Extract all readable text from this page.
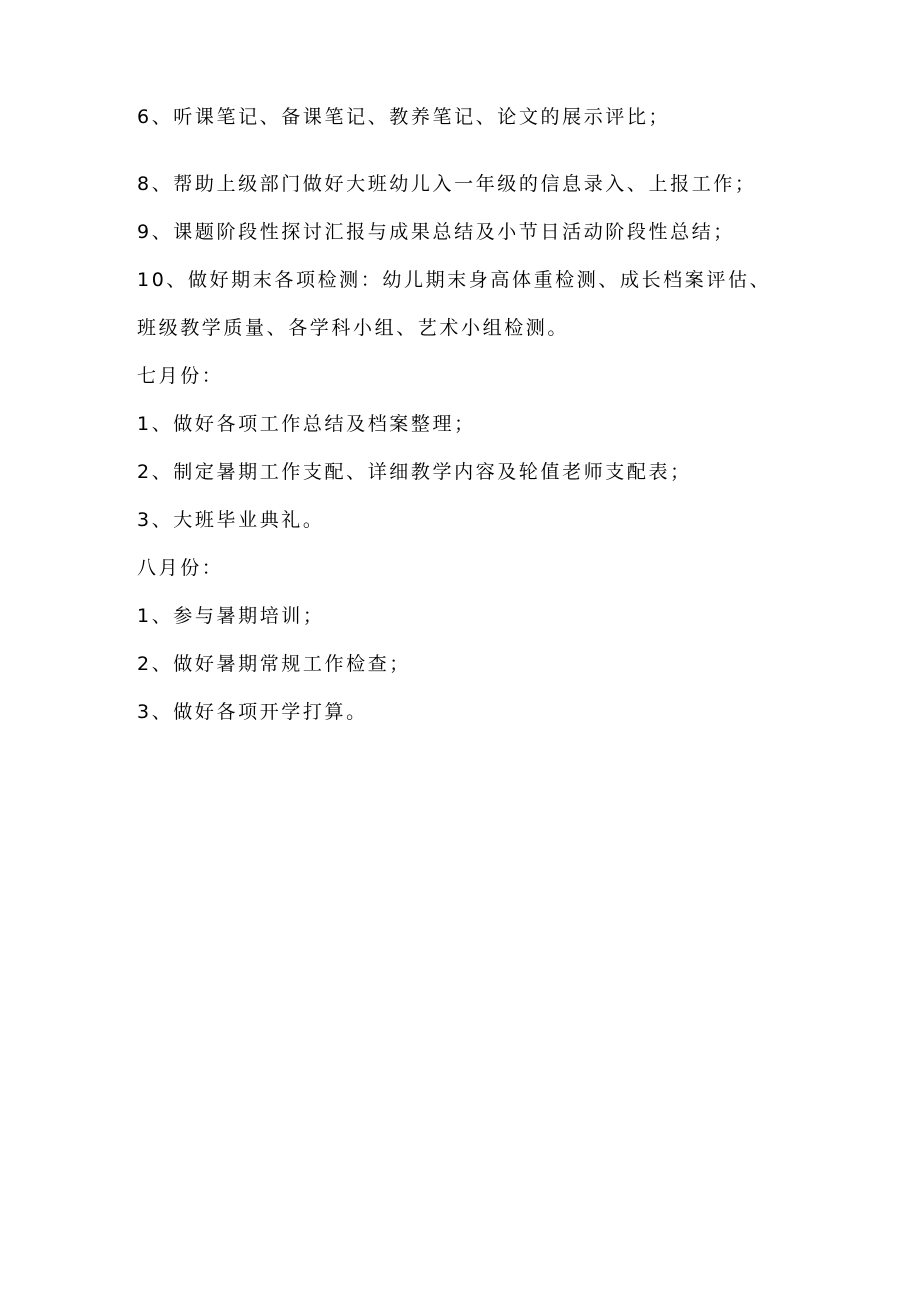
6、听课笔记、备课笔记、教养笔记、论文的展示评比；
8、帮助上级部门做好大班幼儿入一年级的信息录入、上报工作；
9、课题阶段性探讨汇报与成果总结及小节日活动阶段性总结；
10、做好期末各项检测：幼儿期末身高体重检测、成长档案评估、
班级教学质量、各学科小组、艺术小组检测。
七月份：
1、做好各项工作总结及档案整理；
2、制定暑期工作支配、详细教学内容及轮值老师支配表；
3、大班毕业典礼。
八月份：
1、参与暑期培训；
2、做好暑期常规工作检查；
3、做好各项开学打算。
